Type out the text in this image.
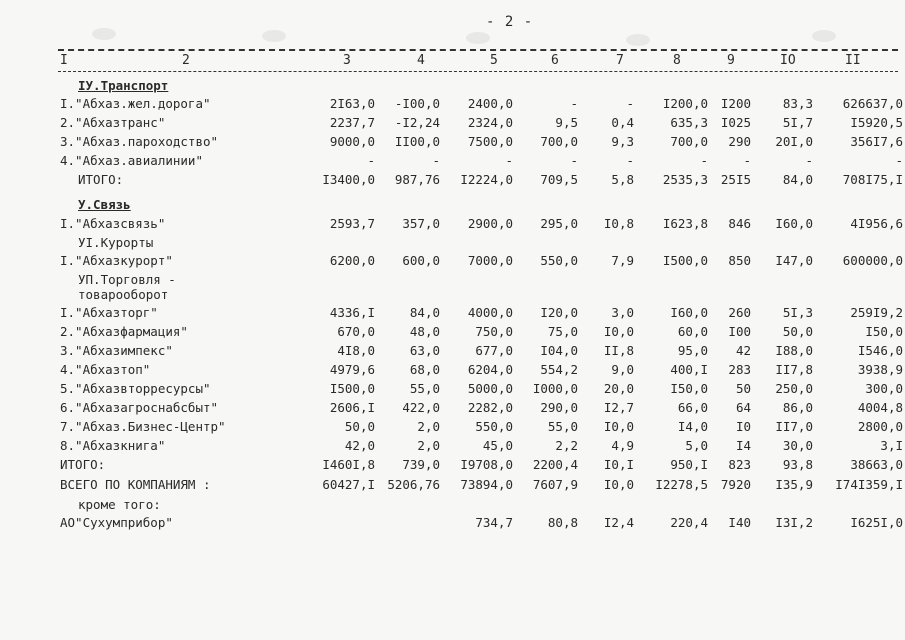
- 2 -
I	2	3	4	5	6	7	8	9	IO	II
IУ.Транспорт
I."Абхаз.жел.дорога"	2I63,0 -I00,0 2400,0	-	- I200,0 I200	83,3 626637,0
2."Абхазтранс"	2237,7 -I2,24 2324,0	9,5	0,4	635,3 I025	5I,7	I5920,5
3."Абхаз.пароходство"	9000,0 II00,0 7500,0 700,0	9,3	700,0 290 20I,0	356I7,6
4."Абхаз.авиалинии"	-	-	-	-	-	-	-	-	-
ИТОГО:	I3400,0 987,76 I2224,0 709,5	5,8 2535,3 25I5	84,0 708I75,I
У.Связь
I."Абхазсвязь"	2593,7 357,0 2900,0 295,0 I0,8 I623,8 846 I60,0	4I956,6
УI.Курорты
I."Абхазкурорт"	6200,0 600,0 7000,0 550,0	7,9 I500,0 850 I47,0 600000,0
УП.Торговля -
товарооборот
I."Абхазторг"	4336,I	84,0 4000,0 I20,0	3,0	I60,0 260	5I,3	259I9,2
2."Абхазфармация"	670,0	48,0	750,0	75,0 I0,0	60,0 I00	50,0	I50,0
3."Абхазимпекс"	4I8,0	63,0	677,0 I04,0 II,8	95,0 42 I88,0	I546,0
4."Абхазтоп"	4979,6	68,0 6204,0 554,2	9,0	400,I 283 II7,8	3938,9
5."Абхазвторресурсы"	I500,0	55,0 5000,0 I000,0 20,0	I50,0 50 250,0	300,0
6."Абхазагроснабсбыт"	2606,I 422,0 2282,0 290,0 I2,7	66,0 64	86,0	4004,8
7."Абхаз.Бизнес-Центр"	50,0	2,0	550,0	55,0 I0,0	I4,0 I0 II7,0	2800,0
8."Абхазкнига"	42,0	2,0	45,0	2,2	4,9	5,0 I4	30,0	3,I
ИТОГО:	I460I,8 739,0 I9708,0 2200,4 I0,I	950,I 823	93,8	38663,0
ВСЕГО ПО КОМПАНИЯМ :	60427,I 5206,76 73894,0 7607,9 I0,0 I2278,5 7920 I35,9 I74I359,I
кроме того:
АО"Сухумприбор"	734,7	80,8 I2,4	220,4 I40 I3I,2	I625I,0
